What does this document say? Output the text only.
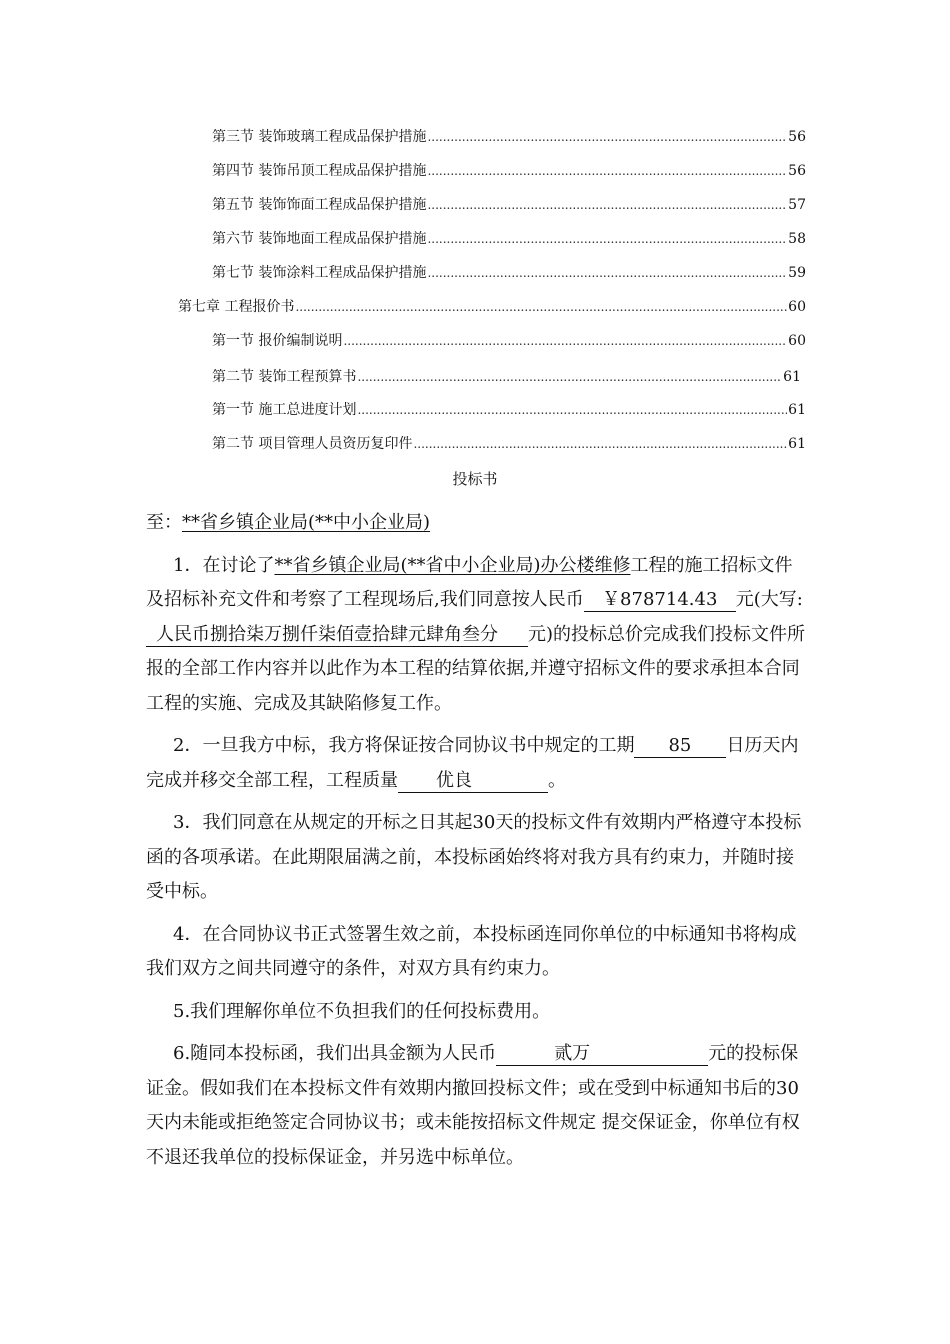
第三节 装饰玻璃工程成品保护措施 .....	56
第四节 装饰吊顶工程成品保护措施 .....	56
第五节 装饰饰面工程成品保护措施 .....	57
第六节 装饰地面工程成品保护措施 .....	58
第七节 装饰涂料工程成品保护措施 .....	59
第七章 工程报价书 .....	60
第一节 报价编制说明 .....	60
第二节 装饰工程预算书 .....	61
第一节 施工总进度计划 .....	61
第二节 项目管理人员资历复印件 .....	61
投标书

至：**省乡镇企业局(**中小企业局)

1．在讨论了**省乡镇企业局(**省中小企业局)办公楼维修工程的施工招标文件及招标补充文件和考察了工程现场后,我们同意按人民币 ￥878714.43 元(大写:人民币捌拾柒万捌仟柒佰壹拾肆元肆角叁分 元)的投标总价完成我们投标文件所报的全部工作内容并以此作为本工程的结算依据,并遵守招标文件的要求承担本合同工程的实施、完成及其缺陷修复工作。

2．一旦我方中标，我方将保证按合同协议书中规定的工期 85 日历天内完成并移交全部工程，工程质量 优良	。

3．我们同意在从规定的开标之日其起30天的投标文件有效期内严格遵守本投标函的各项承诺。在此期限届满之前，本投标函始终将对我方具有约束力，并随时接受中标。

4．在合同协议书正式签署生效之前，本投标函连同你单位的中标通知书将构成我们双方之间共同遵守的条件，对双方具有约束力。

5.我们理解你单位不负担我们的任何投标费用。

6.随同本投标函，我们出具金额为人民币	贰万	元的投标保证金。假如我们在本投标文件有效期内撤回投标文件；或在受到中标通知书后的30天内未能或拒绝签定合同协议书；或未能按招标文件规定 提交保证金，你单位有权不退还我单位的投标保证金，并另选中标单位。
